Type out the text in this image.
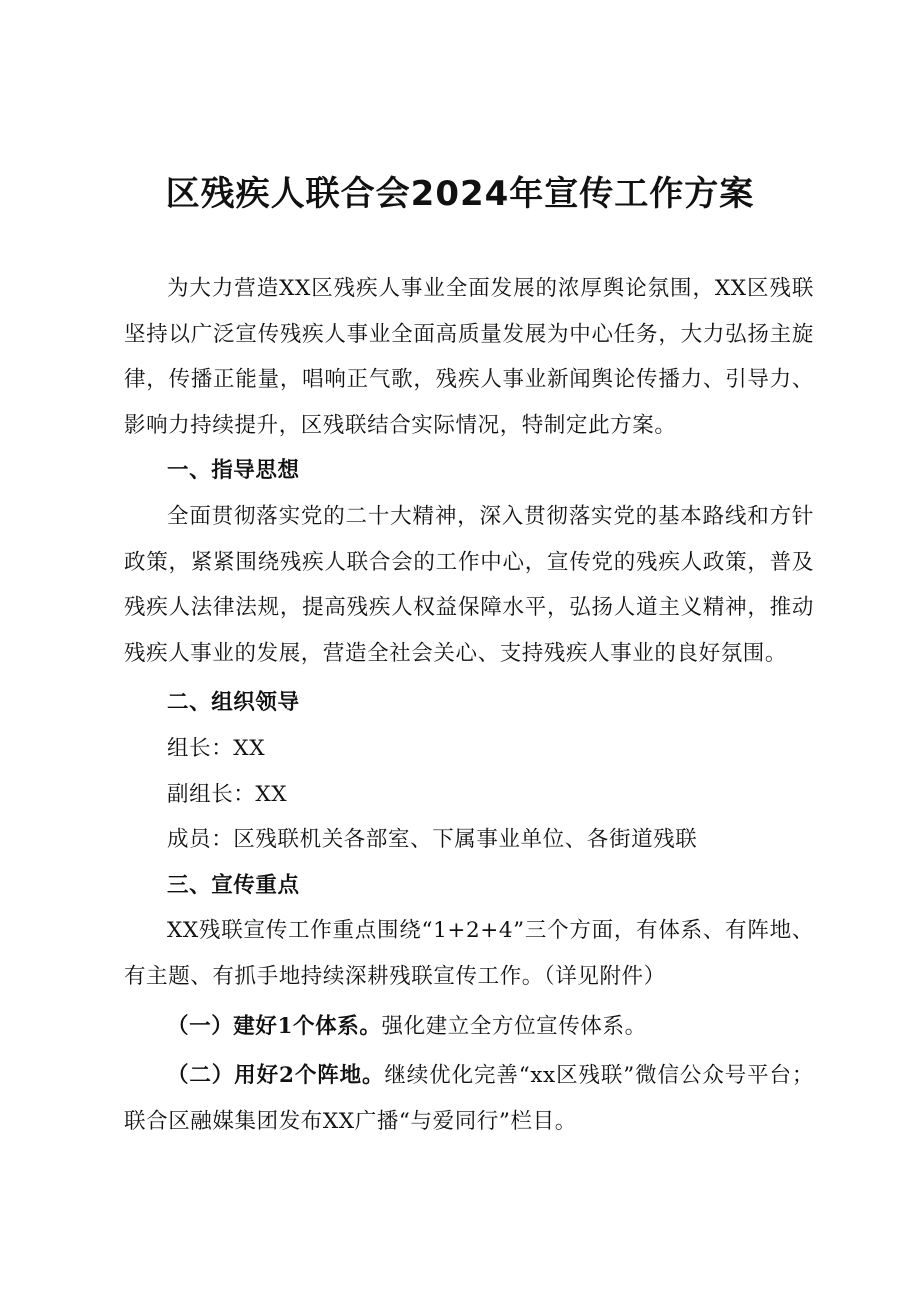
区残疾人联合会2024年宣传工作方案

为大力营造XX区残疾人事业全面发展的浓厚舆论氛围，XX区残联坚持以广泛宣传残疾人事业全面高质量发展为中心任务，大力弘扬主旋律，传播正能量，唱响正气歌，残疾人事业新闻舆论传播力、引导力、影响力持续提升，区残联结合实际情况，特制定此方案。

一、指导思想

全面贯彻落实党的二十大精神，深入贯彻落实党的基本路线和方针政策，紧紧围绕残疾人联合会的工作中心，宣传党的残疾人政策，普及残疾人法律法规，提高残疾人权益保障水平，弘扬人道主义精神，推动残疾人事业的发展，营造全社会关心、支持残疾人事业的良好氛围。

二、组织领导

组长：XX

副组长：XX

成员：区残联机关各部室、下属事业单位、各街道残联

三、宣传重点

XX残联宣传工作重点围绕“1+2+4”三个方面，有体系、有阵地、有主题、有抓手地持续深耕残联宣传工作。（详见附件）

（一）建好1个体系。强化建立全方位宣传体系。

（二）用好2个阵地。继续优化完善“xx区残联”微信公众号平台；联合区融媒集团发布XX广播“与爱同行”栏目。
